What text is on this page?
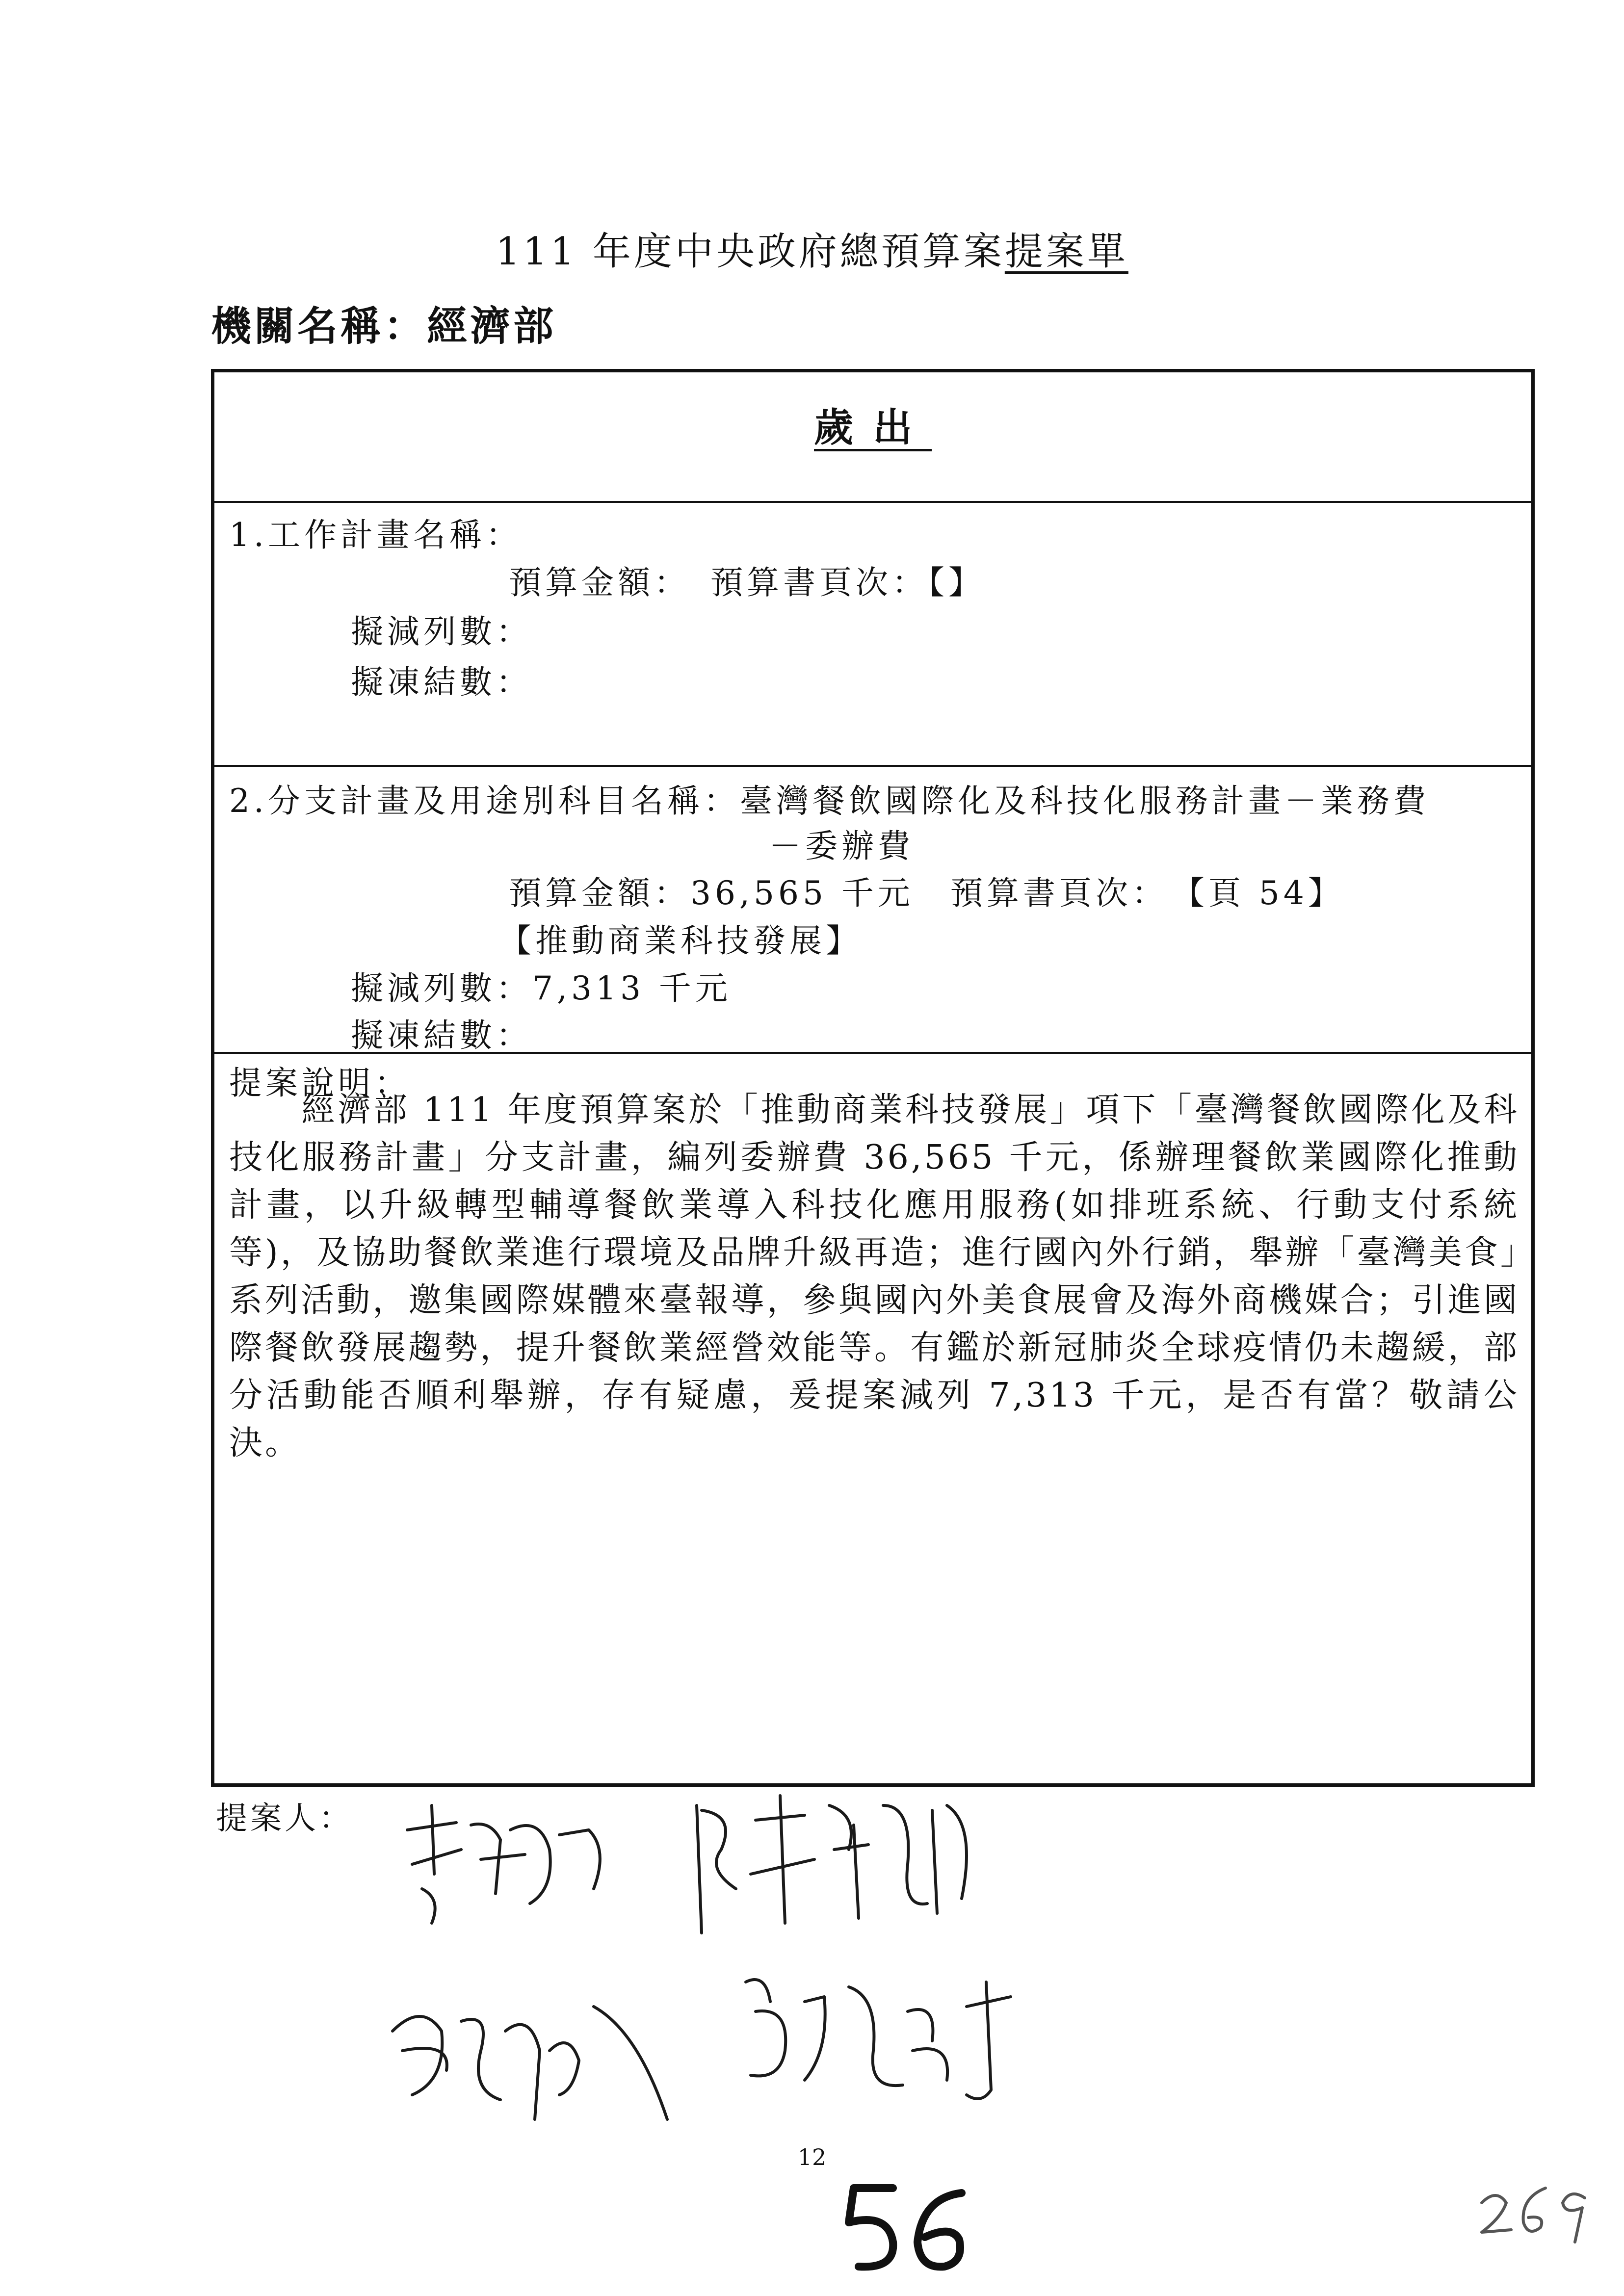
111 年度中央政府總預算案提案單
機關名稱：經濟部
歲出
1.工作計畫名稱：
預算金額：　預算書頁次：【】
擬減列數：
擬凍結數：
2.分支計畫及用途別科目名稱：臺灣餐飲國際化及科技化服務計畫－業務費
－委辦費
預算金額：36,565 千元　預算書頁次：　【頁 54】
【推動商業科技發展】
擬減列數：7,313 千元
擬凍結數：
提案說明：
　　經濟部 111 年度預算案於「推動商業科技發展」項下「臺灣餐飲國際化及科技化服務計畫」分支計畫，編列委辦費 36,565 千元，係辦理餐飲業國際化推動計畫，以升級轉型輔導餐飲業導入科技化應用服務(如排班系統、行動支付系統等)，及協助餐飲業進行環境及品牌升級再造；進行國內外行銷，舉辦「臺灣美食」系列活動，邀集國際媒體來臺報導，參與國內外美食展會及海外商機媒合；引進國際餐飲發展趨勢，提升餐飲業經營效能等。有鑑於新冠肺炎全球疫情仍未趨緩，部分活動能否順利舉辦，存有疑慮，爰提案減列 7,313 千元，是否有當？敬請公決。
提案人：
12
